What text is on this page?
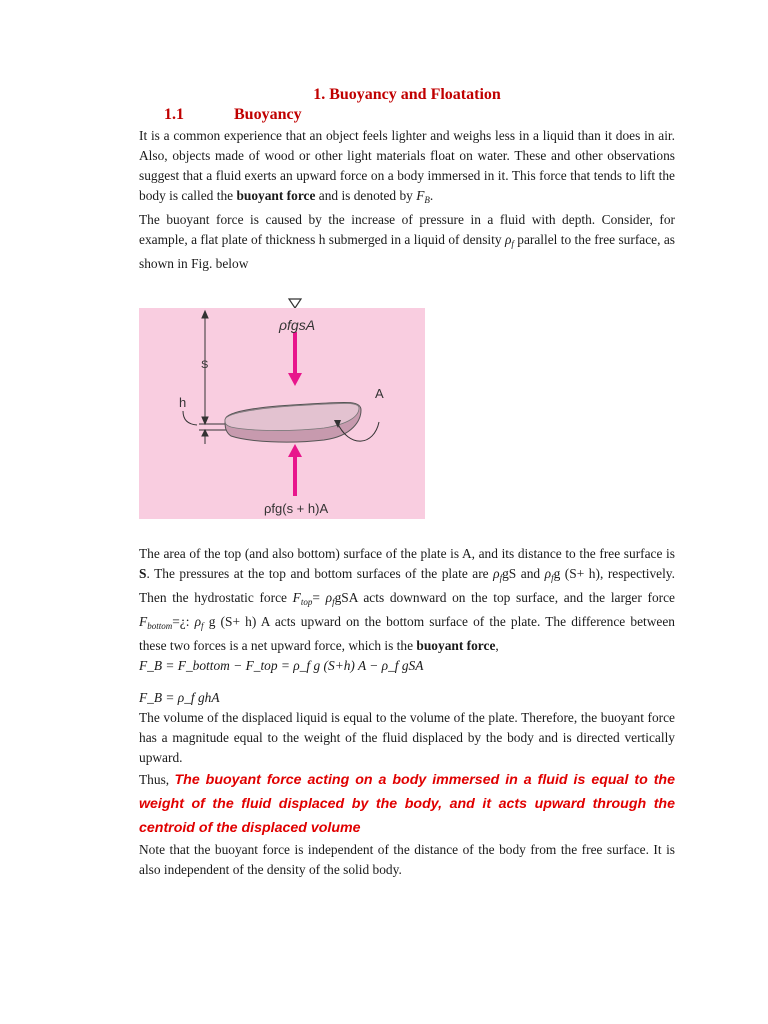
1. Buoyancy and Floatation
1.1	Buoyancy

It is a common experience that an object feels lighter and weighs less in a liquid than it does in air. Also, objects made of wood or other light materials float on water. These and other observations suggest that a fluid exerts an upward force on a body immersed in it. This force that tends to lift the body is called the buoyant force and is denoted by $F_B$.

The buoyant force is caused by the increase of pressure in a fluid with depth. Consider, for example, a flat plate of thickness h submerged in a liquid of density $\rho_f$ parallel to the free surface, as shown in Fig. below

S
h
A
ρfgsA
ρfg(s + h)A

The area of the top (and also bottom) surface of the plate is A, and its distance to the free surface is S. The pressures at the top and bottom surfaces of the plate are $\rho_fgS$ and $\rho_fg$ (S+ h), respectively. Then the hydrostatic force $F_{top}= \rho_fgSA$ acts downward on the top surface, and the larger force $F_{bottom}=¿$: $\rho_f$ g (S+ h) A acts upward on the bottom surface of the plate. The difference between these two forces is a net upward force, which is the buoyant force,

F_B = F_bottom − F_top = ρ_f g (S+h) A − ρ_f gSA

F_B = ρ_f ghA

The volume of the displaced liquid is equal to the volume of the plate. Therefore, the buoyant force has a magnitude equal to the weight of the fluid displaced by the body and is directed vertically upward.

Thus, The buoyant force acting on a body immersed in a fluid is equal to the weight of the fluid displaced by the body, and it acts upward through the centroid of the displaced volume

Note that the buoyant force is independent of the distance of the body from the free surface. It is also independent of the density of the solid body.
